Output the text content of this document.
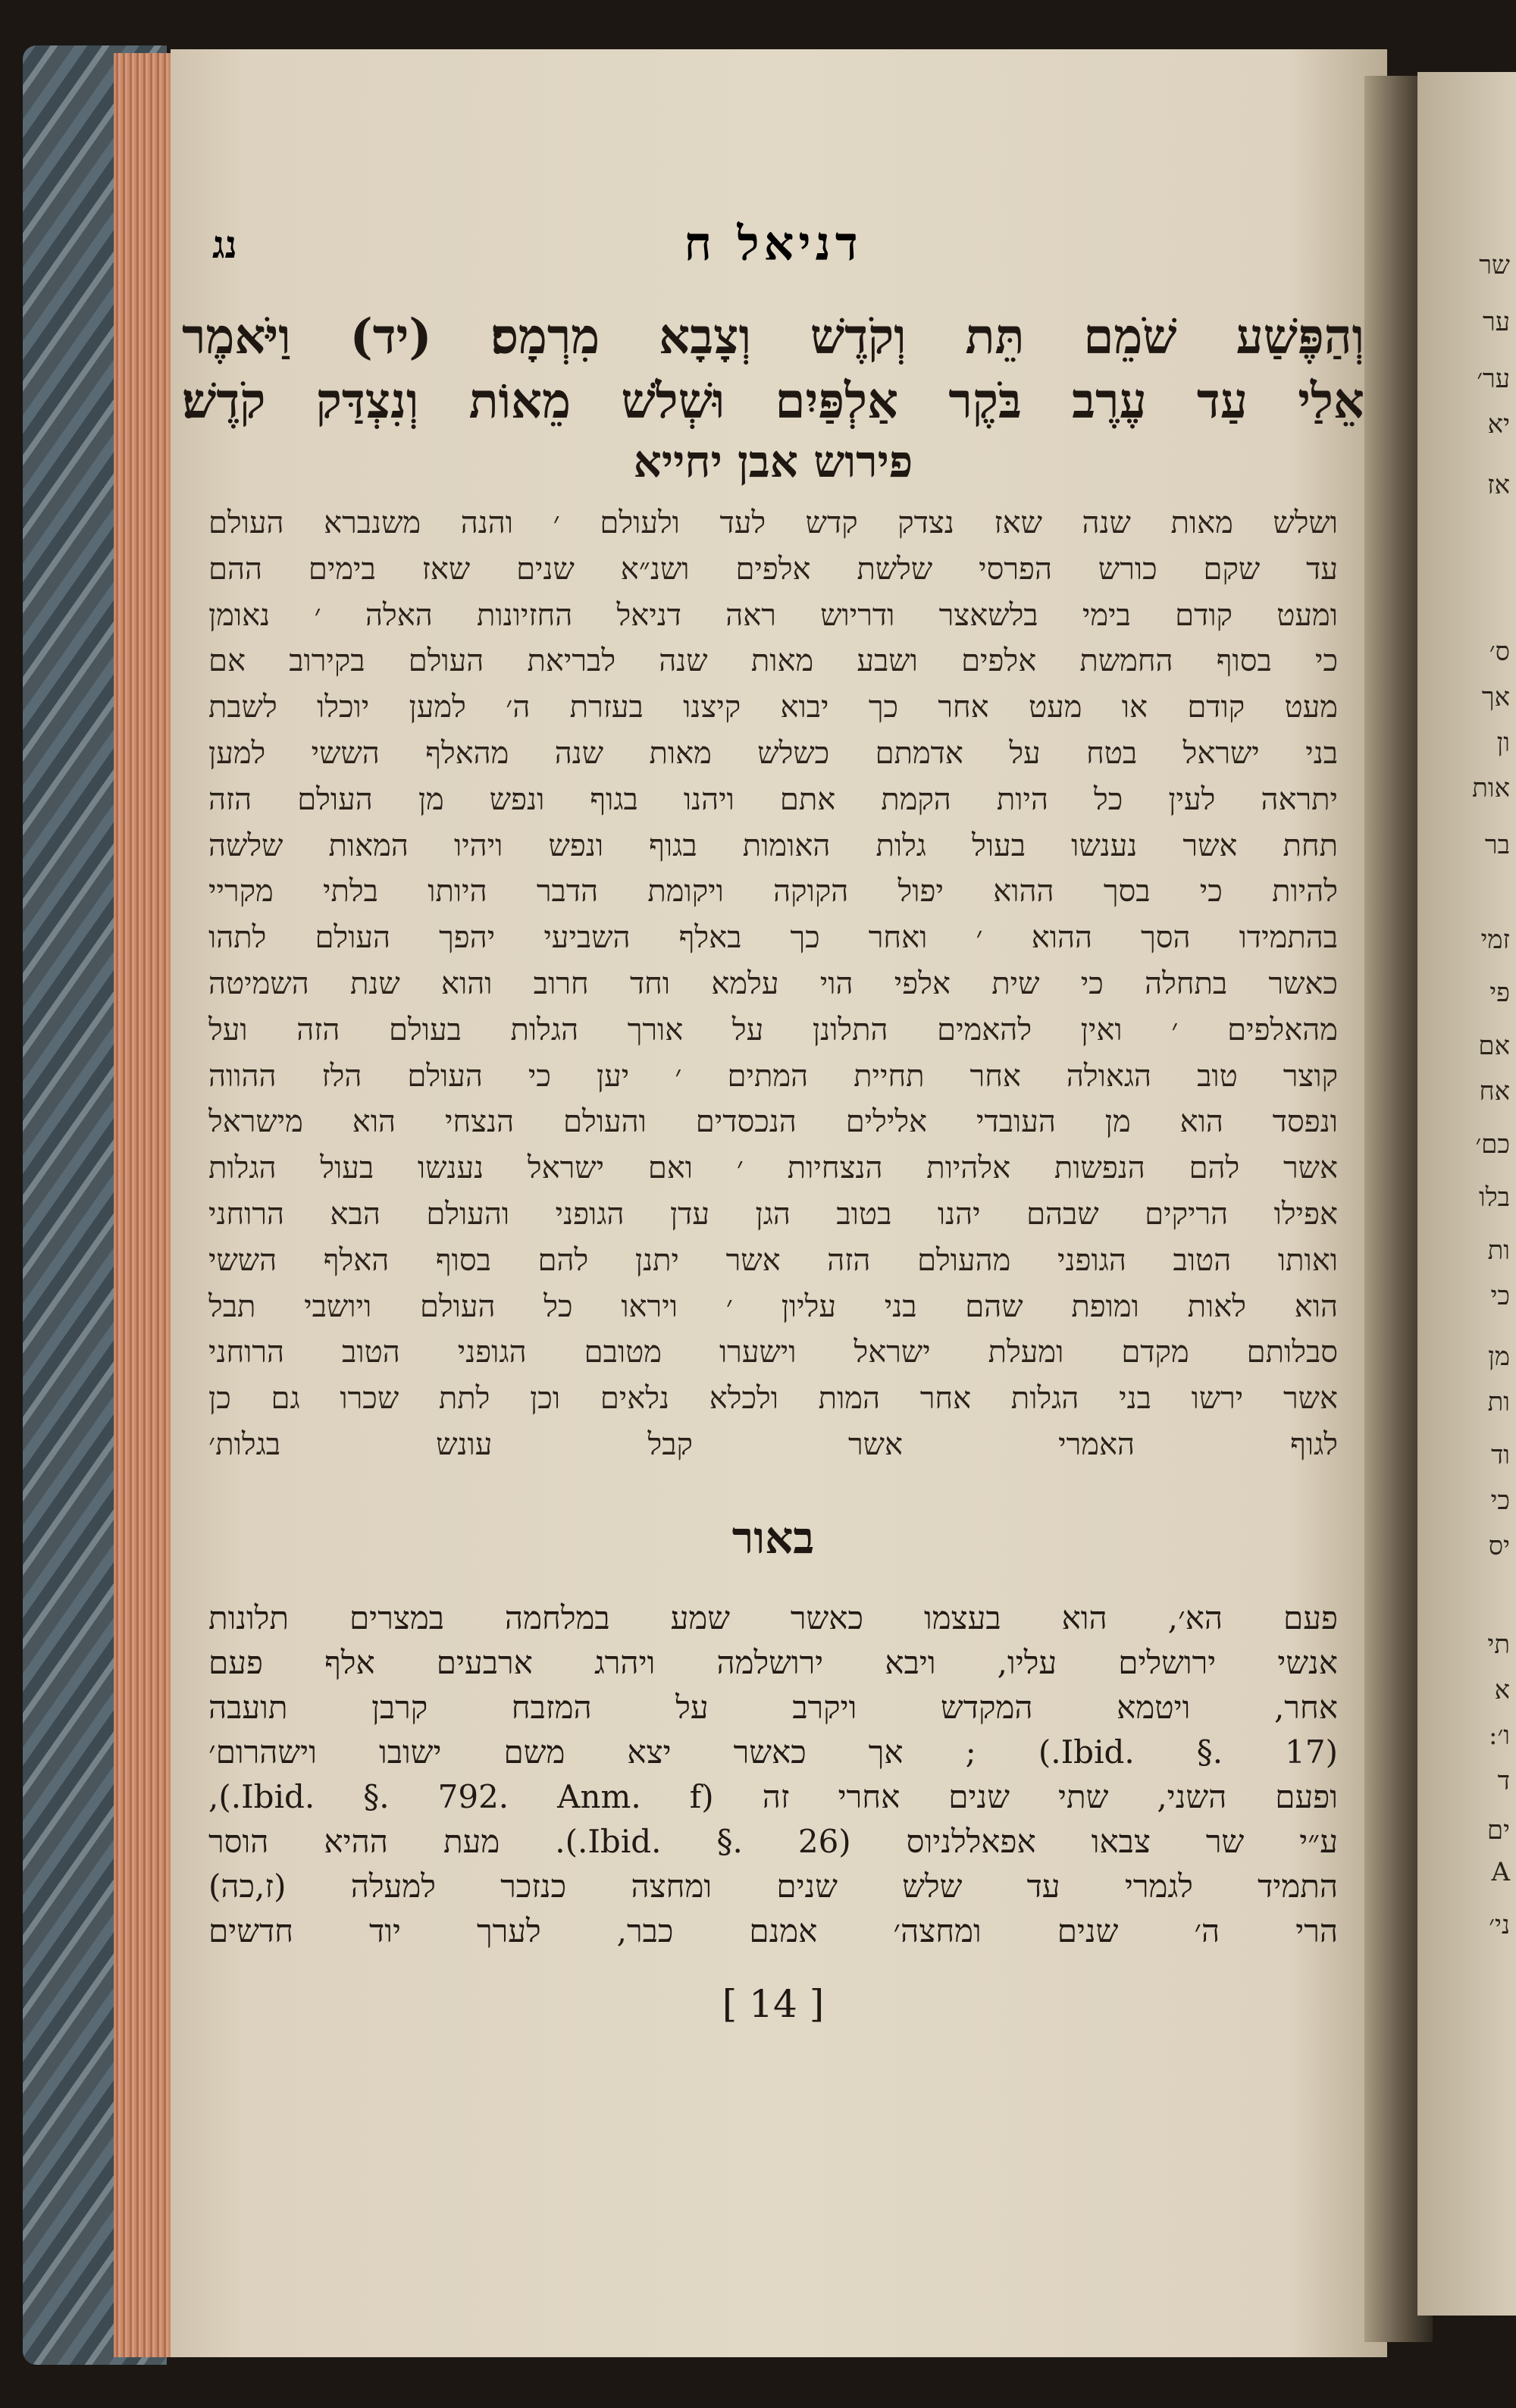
שר
ער
ער׳
יא
אז
ס׳
אך
ון
אות
בר
זמי
פי
אם
אח
כם׳
בלו
ות
כי
מן
ות
וד
כי
יס
תי
א
ו׳:
ד
ים
A
ני׳
דניאל ח
נג
וְהַפֶּשַׁע שֹׁמֵם תֵּת וְקֹדֶשׁ וְצָבָא מִרְמָס׃ (יד) וַיֹּאמֶר
אֵלַי עַד עֶרֶב בֹּקֶר אַלְפַּיִם וּשְׁלֹשׁ מֵאוֹת וְנִצְדַּק קֹדֶשׁ׃
פירוש אבן יחייא
ושלש מאות שנה שאז נצדק קדש לעד ולעולם ׳ והנה משנברא העולם
עד שקם כורש הפרסי שלשת אלפים ושנ״א שנים שאז בימים ההם
ומעט קודם בימי בלשאצר ודריוש ראה דניאל החזיונות האלה ׳ נאומן
כי בסוף החמשת אלפים ושבע מאות שנה לבריאת העולם בקירוב אם
מעט קודם או מעט אחר כך יבוא קיצנו בעזרת ה׳ למען יוכלו לשבת
בני ישראל בטח על אדמתם כשלש מאות שנה מהאלף הששי למען
יתראה לעין כל היות הקמת אתם ויהנו בגוף ונפש מן העולם הזה
תחת אשר נענשו בעול גלות האומות בגוף ונפש ויהיו המאות שלשה
להיות כי בסך ההוא יפול הקוקה ויקומת הדבר היותו בלתי מקריי
בהתמידו הסך ההוא ׳ ואחר כך באלף השביעי יהפך העולם לתהו
כאשר בתחלה כי שית אלפי הוי עלמא וחד חרוב והוא שנת השמיטה
מהאלפים ׳ ואין להאמים התלונן על אורך הגלות בעולם הזה ועל
קוצר טוב הגאולה אחר תחיית המתים ׳ יען כי העולם הלז ההווה
ונפסד הוא מן העובדי אלילים הנכסדים והעולם הנצחי הוא מישראל
אשר להם הנפשות אלהיות הנצחיות ׳ ואם ישראל נענשו בעול הגלות
אפילו הריקים שבהם יהנו בטוב הגן עדן הגופני והעולם הבא הרוחני
ואותו הטוב הגופני מהעולם הזה אשר יתנן להם בסוף האלף הששי
הוא לאות ומופת שהם בני עליון ׳ ויראו כל העולם ויושבי תבל
סבלותם מקדם ומעלת ישראל וישערו מטובם הגופני הטוב הרוחני
אשר ירשו בני הגלות אחר המות ולכלא נלאים וכן לתת שכרו גם כן
לגוף האמרי אשר קבל עונש בגלות׳
באור
פעם הא׳, הוא בעצמו כאשר שמע במלחמה במצרים תלונות
אנשי ירושלים עליו, ויבא ירושלמה ויהרג ארבעים אלף פעם
אחר, ויטמא המקדש ויקרב על המזבח קרבן תועבה
(Ibid. §. 17.) ; אך כאשר יצא משם ישובו וישהרום׳
ופעם השני, שתי שנים אחרי זה (Ibid. §. 792. Anm. f.),
ע״י שר צבאו אפאללניוס (Ibid. §. 26.). מעת ההיא הוסר
התמיד לגמרי עד שלש שנים ומחצה כנזכר למעלה (ז,כה)
הרי ה׳ שנים ומחצה׳ אמנם כבר, לערך יוד חדשים
[ 14 ]
